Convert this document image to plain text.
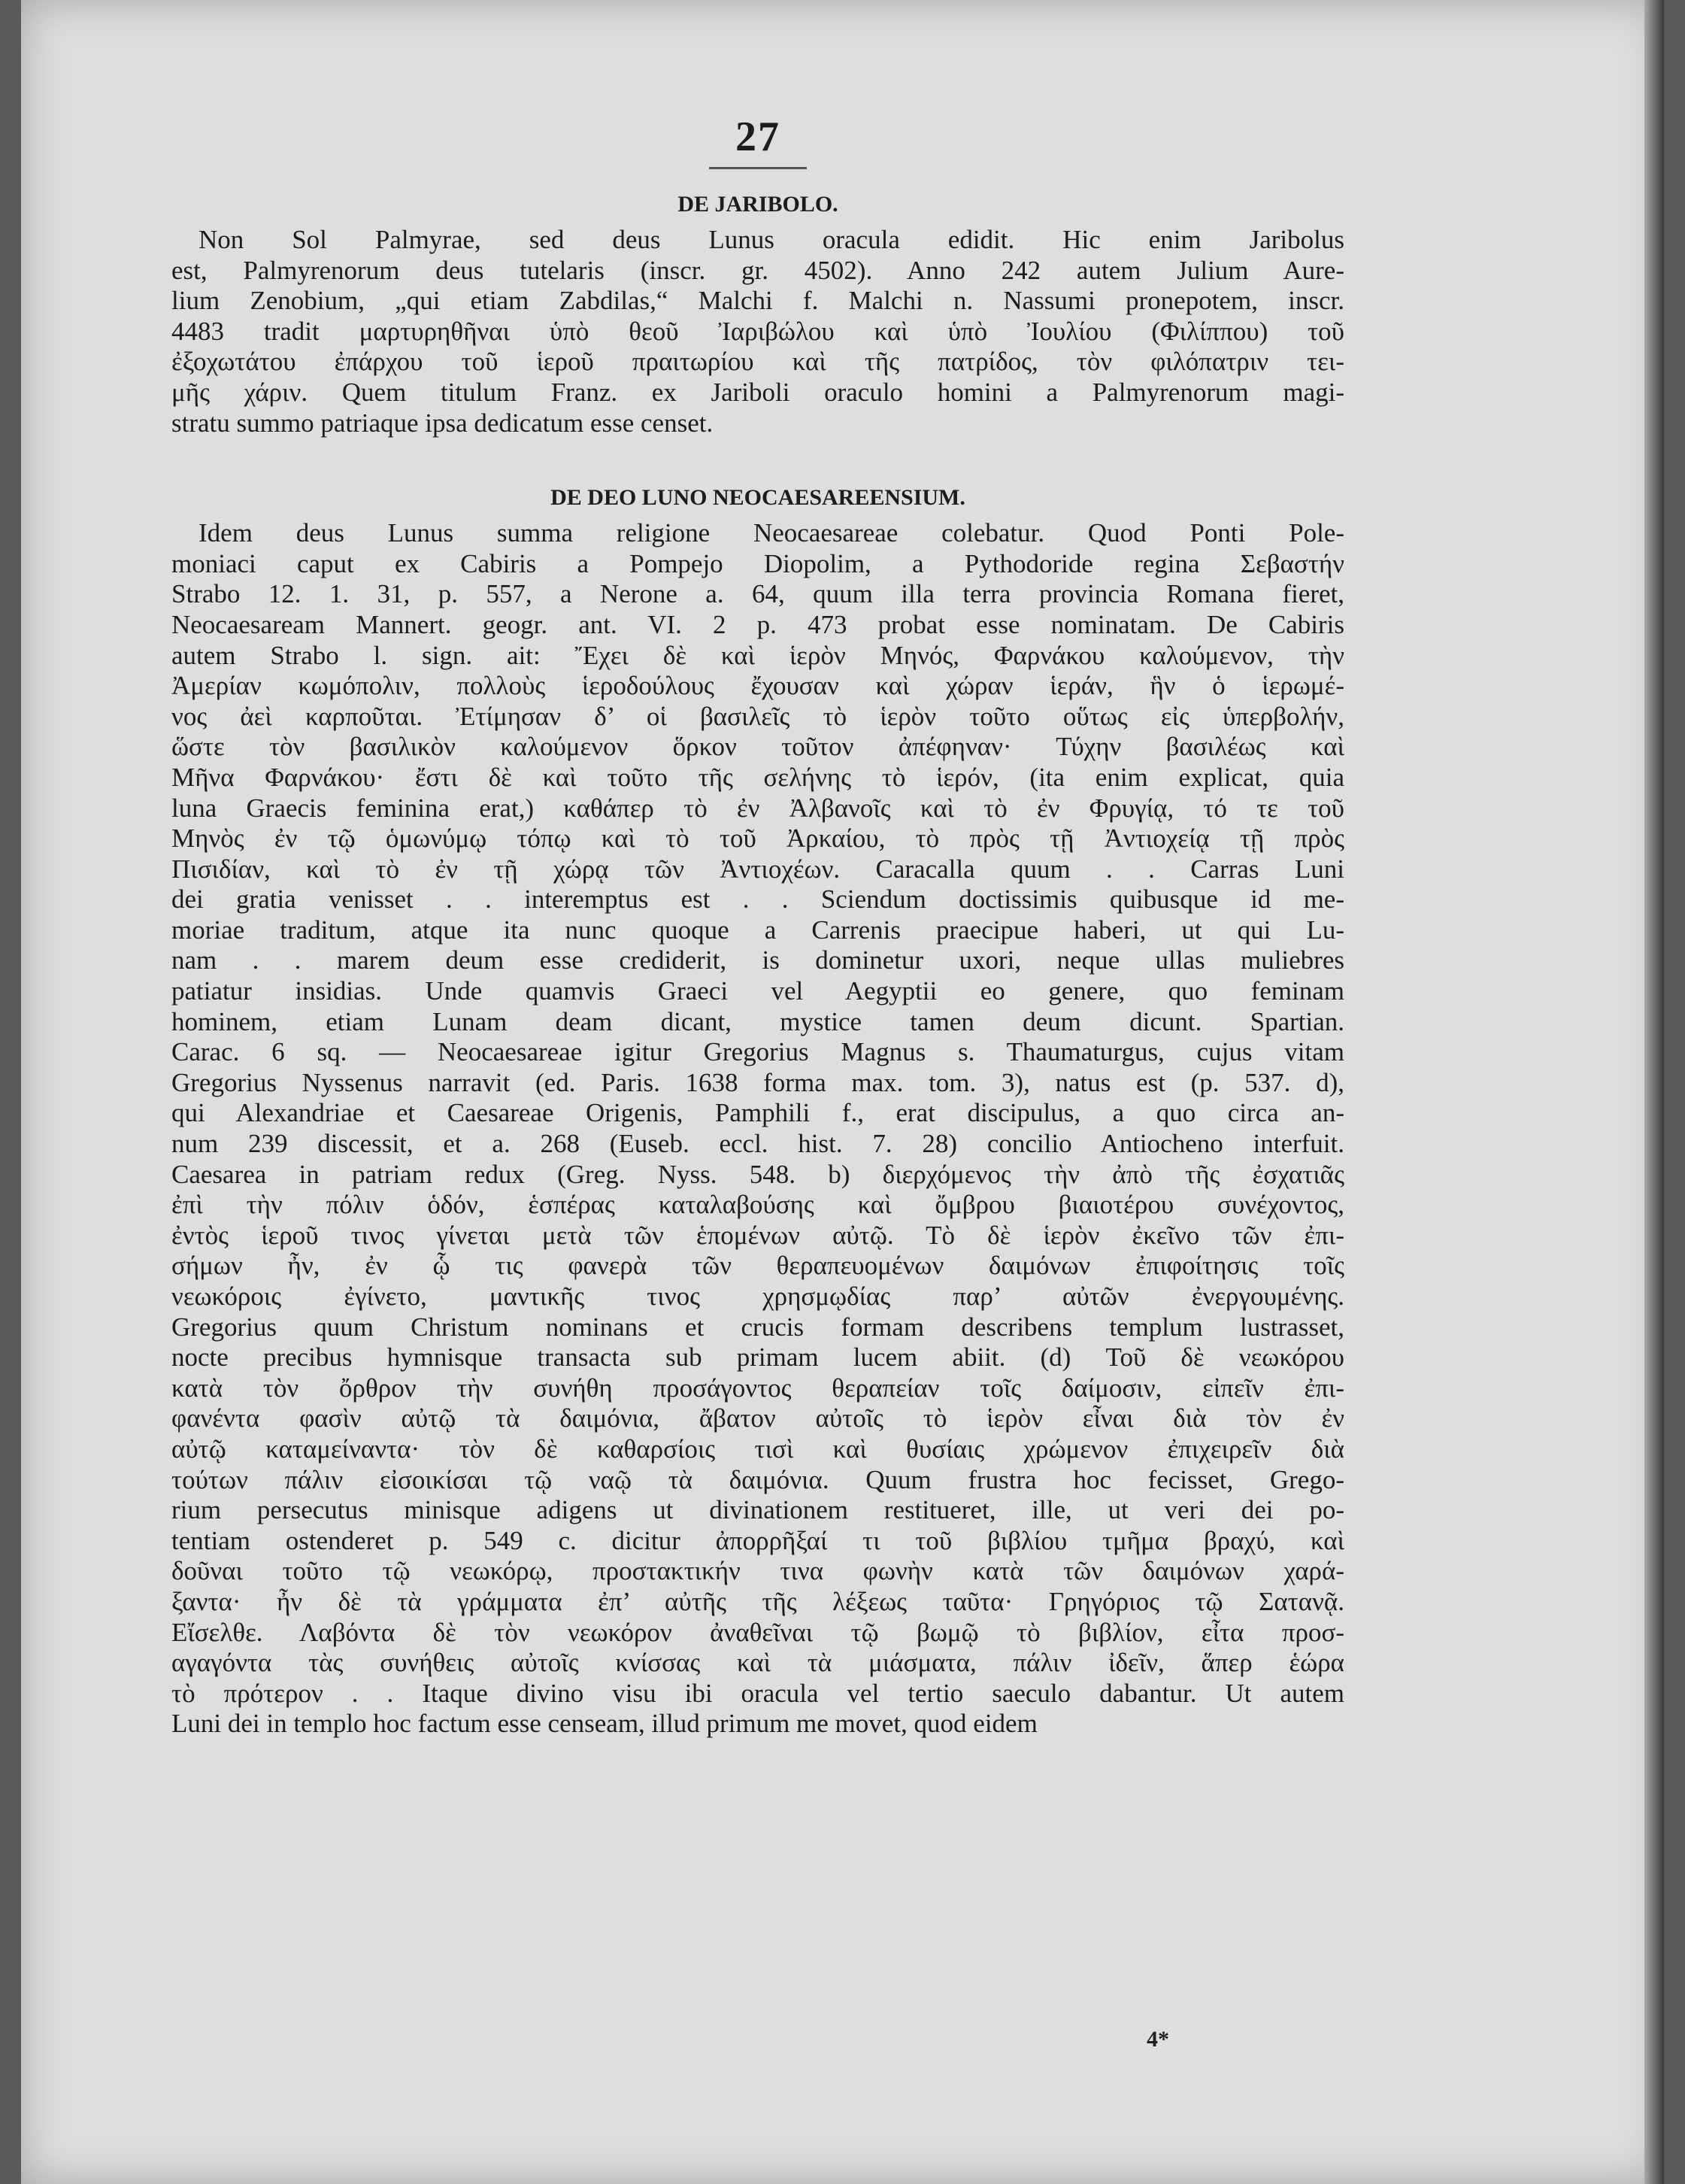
27
DE JARIBOLO.
Non Sol Palmyrae, sed deus Lunus oracula edidit. Hic enim Jaribolus
est, Palmyrenorum deus tutelaris (inscr. gr. 4502). Anno 242 autem Julium Aure-
lium Zenobium, „qui etiam Zabdilas,“ Malchi f. Malchi n. Nassumi pronepotem, inscr.
4483 tradit μαρτυρηθῆναι ὑπὸ θεοῦ Ἰαριβώλου καὶ ὑπὸ Ἰουλίου (Φιλίππου) τοῦ
ἐξοχωτάτου ἐπάρχου τοῦ ἱεροῦ πραιτωρίου καὶ τῆς πατρίδος, τὸν φιλόπατριν τει-
μῆς χάριν. Quem titulum Franz. ex Jariboli oraculo homini a Palmyrenorum magi-
stratu summo patriaque ipsa dedicatum esse censet.
DE DEO LUNO NEOCAESAREENSIUM.
Idem deus Lunus summa religione Neocaesareae colebatur. Quod Ponti Pole-
moniaci caput ex Cabiris a Pompejo Diopolim, a Pythodoride regina Σεβαστήν
Strabo 12. 1. 31, p. 557, a Nerone a. 64, quum illa terra provincia Romana fieret,
Neocaesaream Mannert. geogr. ant. VI. 2 p. 473 probat esse nominatam. De Cabiris
autem Strabo l. sign. ait: Ἔχει δὲ καὶ ἱερὸν Μηνός, Φαρνάκου καλούμενον, τὴν
Ἀμερίαν κωμόπολιν, πολλοὺς ἱεροδούλους ἔχουσαν καὶ χώραν ἱεράν, ἣν ὁ ἱερωμέ-
νος ἀεὶ καρποῦται. Ἐτίμησαν δ’ οἱ βασιλεῖς τὸ ἱερὸν τοῦτο οὕτως εἰς ὑπερβολήν,
ὥστε τὸν βασιλικὸν καλούμενον ὅρκον τοῦτον ἀπέφηναν· Τύχην βασιλέως καὶ
Μῆνα Φαρνάκου· ἔστι δὲ καὶ τοῦτο τῆς σελήνης τὸ ἱερόν, (ita enim explicat, quia
luna Graecis feminina erat,) καθάπερ τὸ ἐν Ἀλβανοῖς καὶ τὸ ἐν Φρυγίᾳ, τό τε τοῦ
Μηνὸς ἐν τῷ ὁμωνύμῳ τόπῳ καὶ τὸ τοῦ Ἀρκαίου, τὸ πρὸς τῇ Ἀντιοχείᾳ τῇ πρὸς
Πισιδίαν, καὶ τὸ ἐν τῇ χώρᾳ τῶν Ἀντιοχέων. Caracalla quum . . Carras Luni
dei gratia venisset . . interemptus est . . Sciendum doctissimis quibusque id me-
moriae traditum, atque ita nunc quoque a Carrenis praecipue haberi, ut qui Lu-
nam . . marem deum esse crediderit, is dominetur uxori, neque ullas muliebres
patiatur insidias. Unde quamvis Graeci vel Aegyptii eo genere, quo feminam
hominem, etiam Lunam deam dicant, mystice tamen deum dicunt. Spartian.
Carac. 6 sq. — Neocaesareae igitur Gregorius Magnus s. Thaumaturgus, cujus vitam
Gregorius Nyssenus narravit (ed. Paris. 1638 forma max. tom. 3), natus est (p. 537. d),
qui Alexandriae et Caesareae Origenis, Pamphili f., erat discipulus, a quo circa an-
num 239 discessit, et a. 268 (Euseb. eccl. hist. 7. 28) concilio Antiocheno interfuit.
Caesarea in patriam redux (Greg. Nyss. 548. b) διερχόμενος τὴν ἀπὸ τῆς ἐσχατιᾶς
ἐπὶ τὴν πόλιν ὁδόν, ἑσπέρας καταλαβούσης καὶ ὄμβρου βιαιοτέρου συνέχοντος,
ἐντὸς ἱεροῦ τινος γίνεται μετὰ τῶν ἑπομένων αὐτῷ. Τὸ δὲ ἱερὸν ἐκεῖνο τῶν ἐπι-
σήμων ἦν, ἐν ᾧ τις φανερὰ τῶν θεραπευομένων δαιμόνων ἐπιφοίτησις τοῖς
νεωκόροις ἐγίνετο, μαντικῆς τινος χρησμῳδίας παρ’ αὐτῶν ἐνεργουμένης.
Gregorius quum Christum nominans et crucis formam describens templum lustrasset,
nocte precibus hymnisque transacta sub primam lucem abiit. (d) Τοῦ δὲ νεωκόρου
κατὰ τὸν ὄρθρον τὴν συνήθη προσάγοντος θεραπείαν τοῖς δαίμοσιν, εἰπεῖν ἐπι-
φανέντα φασὶν αὐτῷ τὰ δαιμόνια, ἄβατον αὐτοῖς τὸ ἱερὸν εἶναι διὰ τὸν ἐν
αὐτῷ καταμείναντα· τὸν δὲ καθαρσίοις τισὶ καὶ θυσίαις χρώμενον ἐπιχειρεῖν διὰ
τούτων πάλιν εἰσοικίσαι τῷ ναῷ τὰ δαιμόνια. Quum frustra hoc fecisset, Grego-
rium persecutus minisque adigens ut divinationem restitueret, ille, ut veri dei po-
tentiam ostenderet p. 549 c. dicitur ἀπορρῆξαί τι τοῦ βιβλίου τμῆμα βραχύ, καὶ
δοῦναι τοῦτο τῷ νεωκόρῳ, προστακτικήν τινα φωνὴν κατὰ τῶν δαιμόνων χαρά-
ξαντα· ἦν δὲ τὰ γράμματα ἐπ’ αὐτῆς τῆς λέξεως ταῦτα· Γρηγόριος τῷ Σατανᾷ.
Εἴσελθε. Λαβόντα δὲ τὸν νεωκόρον ἀναθεῖναι τῷ βωμῷ τὸ βιβλίον, εἶτα προσ-
αγαγόντα τὰς συνήθεις αὐτοῖς κνίσσας καὶ τὰ μιάσματα, πάλιν ἰδεῖν, ἅπερ ἑώρα
τὸ πρότερον . . Itaque divino visu ibi oracula vel tertio saeculo dabantur. Ut autem
Luni dei in templo hoc factum esse censeam, illud primum me movet, quod eidem
4*
